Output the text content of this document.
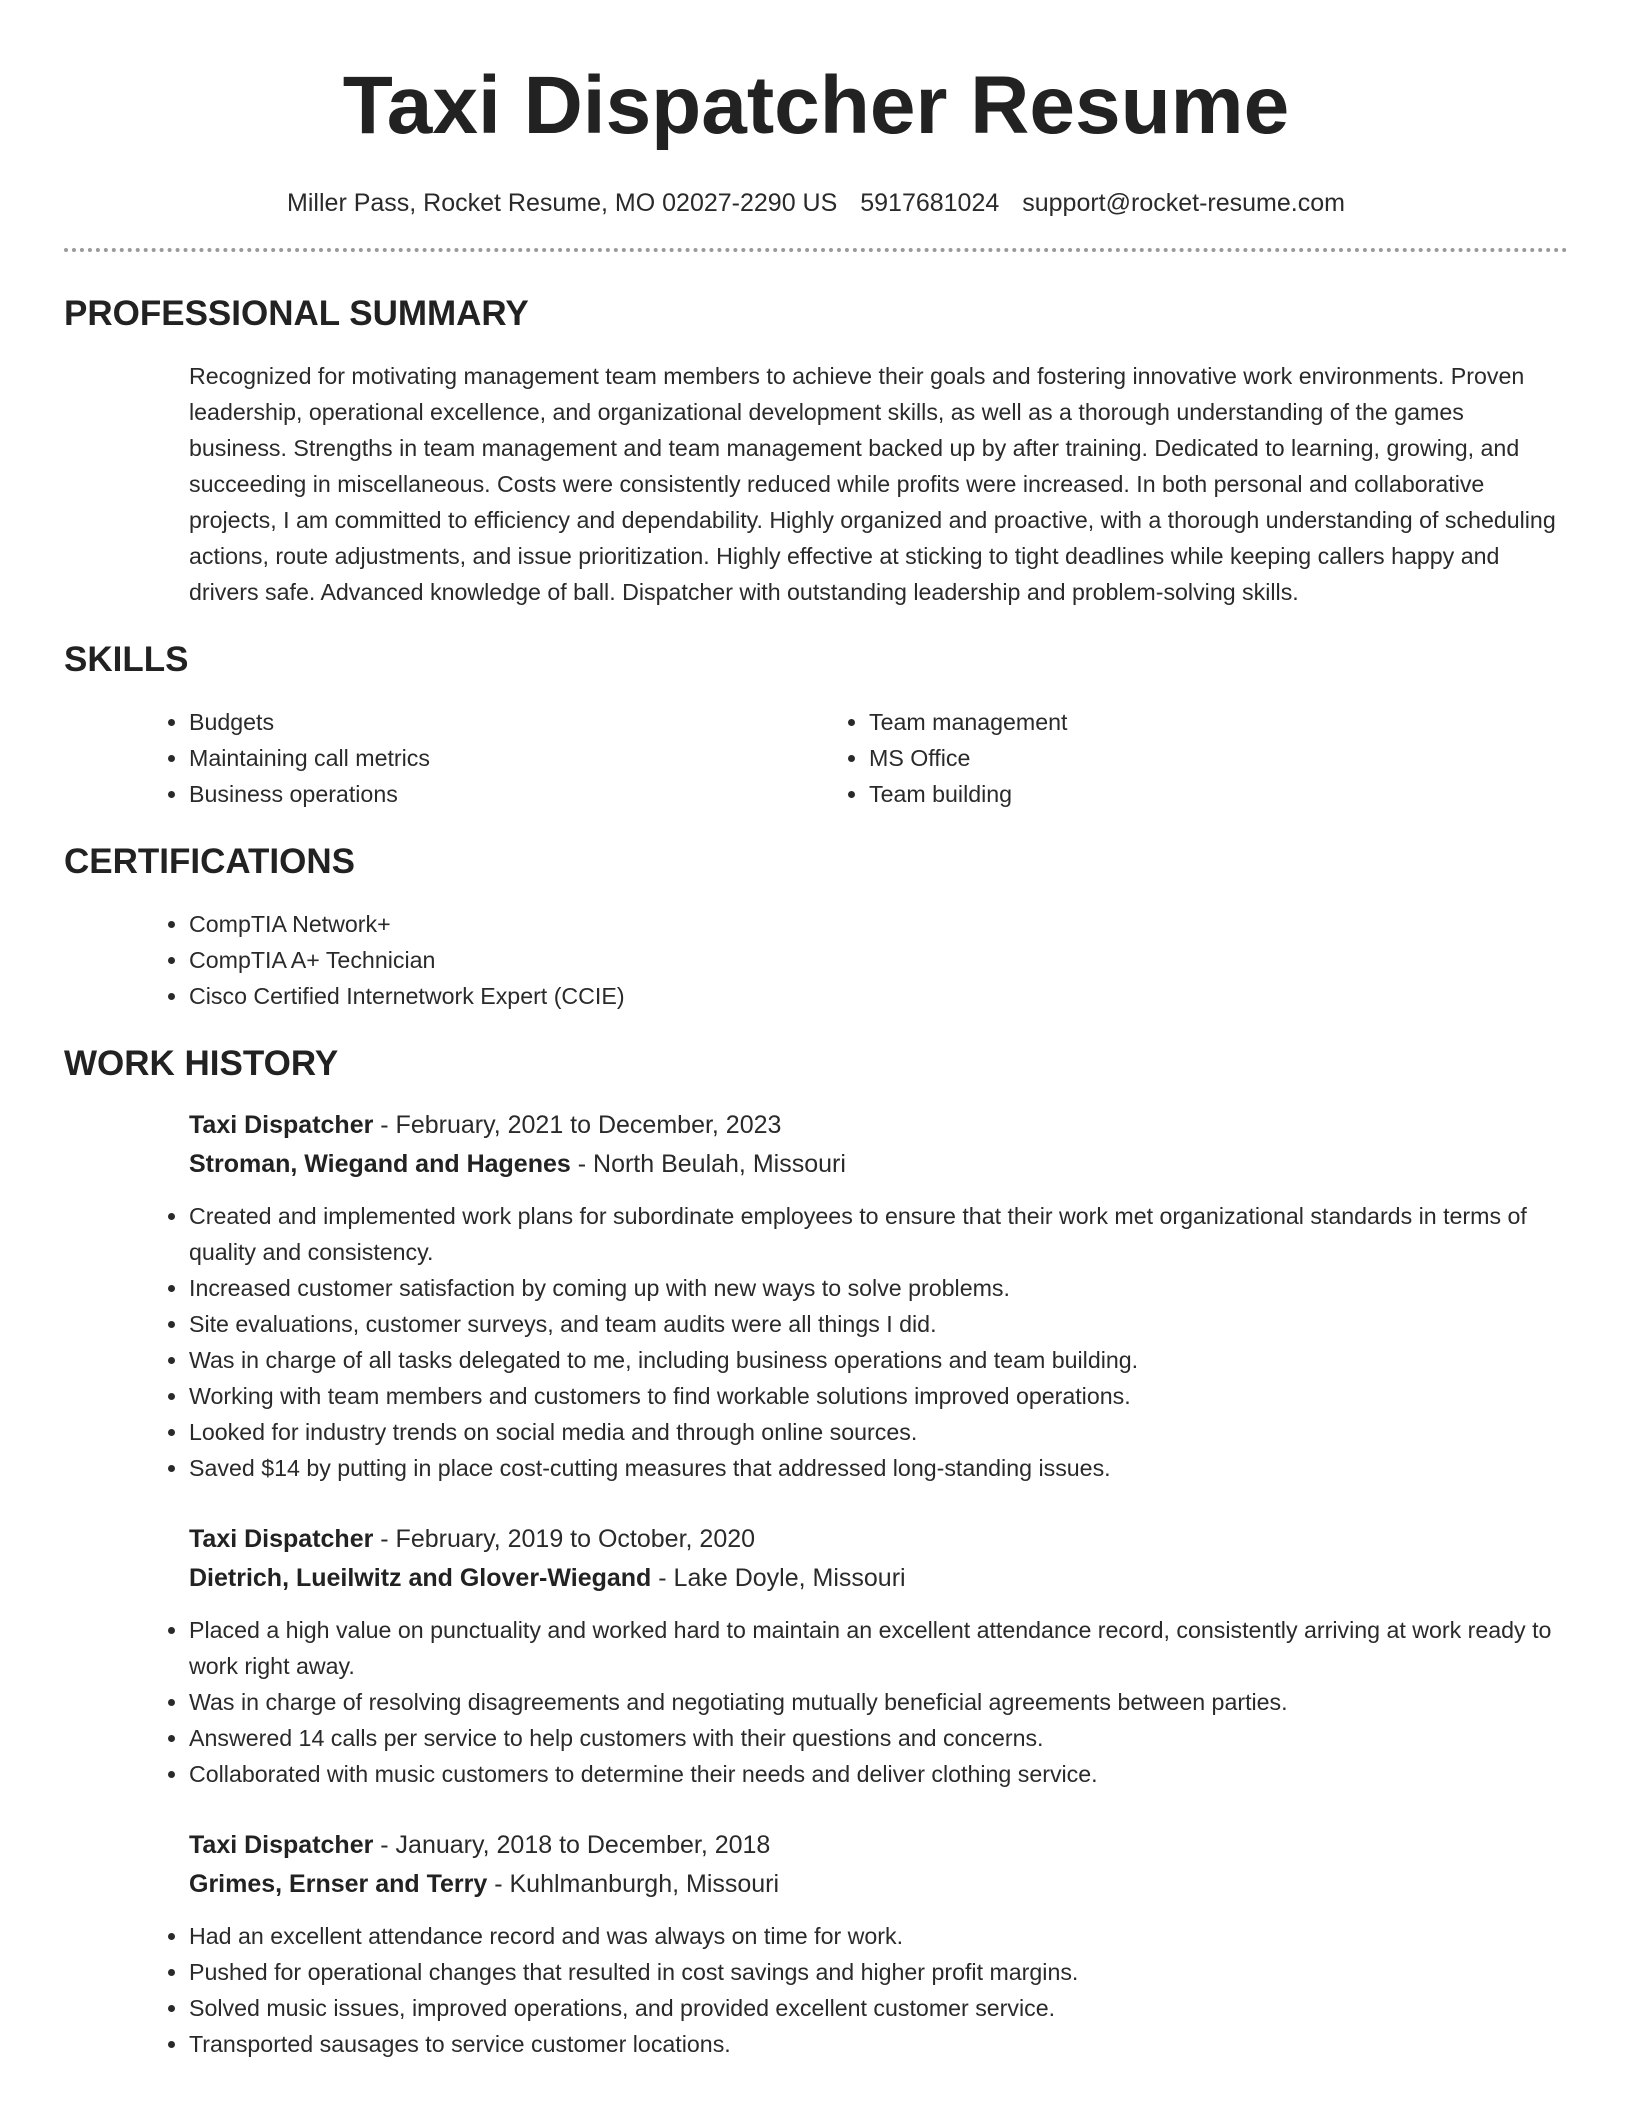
Taxi Dispatcher Resume
Miller Pass, Rocket Resume, MO 02027-2290 US 5917681024 support@rocket-resume.com
PROFESSIONAL SUMMARY

Recognized for motivating management team members to achieve their goals and fostering innovative work environments. Proven leadership, operational excellence, and organizational development skills, as well as a thorough understanding of the games business. Strengths in team management and team management backed up by after training. Dedicated to learning, growing, and succeeding in miscellaneous. Costs were consistently reduced while profits were increased. In both personal and collaborative projects, I am committed to efficiency and dependability. Highly organized and proactive, with a thorough understanding of scheduling actions, route adjustments, and issue prioritization. Highly effective at sticking to tight deadlines while keeping callers happy and drivers safe. Advanced knowledge of ball. Dispatcher with outstanding leadership and problem-solving skills.

SKILLS
• Budgets
• Maintaining call metrics
• Business operations
• Team management
• MS Office
• Team building
CERTIFICATIONS
• CompTIA Network+
• CompTIA A+ Technician
• Cisco Certified Internetwork Expert (CCIE)
WORK HISTORY
Taxi Dispatcher - February, 2021 to December, 2023
Stroman, Wiegand and Hagenes - North Beulah, Missouri
• Created and implemented work plans for subordinate employees to ensure that their work met organizational standards in terms of quality and consistency.
• Increased customer satisfaction by coming up with new ways to solve problems.
• Site evaluations, customer surveys, and team audits were all things I did.
• Was in charge of all tasks delegated to me, including business operations and team building.
• Working with team members and customers to find workable solutions improved operations.
• Looked for industry trends on social media and through online sources.
• Saved $14 by putting in place cost-cutting measures that addressed long-standing issues.
Taxi Dispatcher - February, 2019 to October, 2020
Dietrich, Lueilwitz and Glover-Wiegand - Lake Doyle, Missouri
• Placed a high value on punctuality and worked hard to maintain an excellent attendance record, consistently arriving at work ready to work right away.
• Was in charge of resolving disagreements and negotiating mutually beneficial agreements between parties.
• Answered 14 calls per service to help customers with their questions and concerns.
• Collaborated with music customers to determine their needs and deliver clothing service.
Taxi Dispatcher - January, 2018 to December, 2018
Grimes, Ernser and Terry - Kuhlmanburgh, Missouri
• Had an excellent attendance record and was always on time for work.
• Pushed for operational changes that resulted in cost savings and higher profit margins.
• Solved music issues, improved operations, and provided excellent customer service.
• Transported sausages to service customer locations.
